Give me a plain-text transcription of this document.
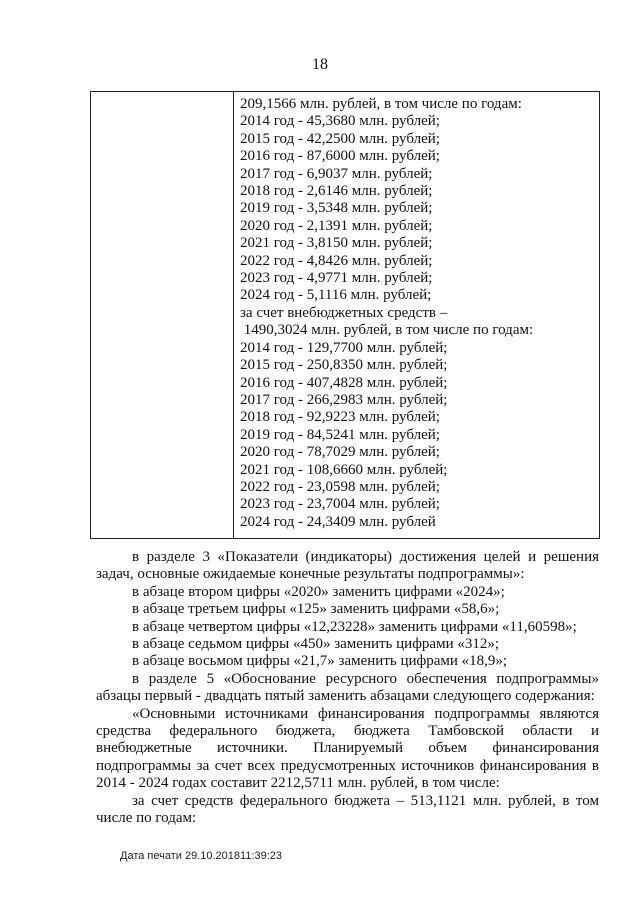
18
209,1566 млн. рублей, в том числе по годам:
2014 год - 45,3680 млн. рублей;
2015 год - 42,2500 млн. рублей;
2016 год - 87,6000 млн. рублей;
2017 год - 6,9037 млн. рублей;
2018 год - 2,6146 млн. рублей;
2019 год - 3,5348 млн. рублей;
2020 год - 2,1391 млн. рублей;
2021 год - 3,8150 млн. рублей;
2022 год - 4,8426 млн. рублей;
2023 год - 4,9771 млн. рублей;
2024 год - 5,1116 млн. рублей;
за счет внебюджетных средств –
1490,3024 млн. рублей, в том числе по годам:
2014 год - 129,7700 млн. рублей;
2015 год - 250,8350 млн. рублей;
2016 год - 407,4828 млн. рублей;
2017 год - 266,2983 млн. рублей;
2018 год - 92,9223 млн. рублей;
2019 год - 84,5241 млн. рублей;
2020 год - 78,7029 млн. рублей;
2021 год - 108,6660 млн. рублей;
2022 год - 23,0598 млн. рублей;
2023 год - 23,7004 млн. рублей;
2024 год - 24,3409 млн. рублей
в разделе 3 «Показатели (индикаторы) достижения целей и решения
задач, основные ожидаемые конечные результаты подпрограммы»:
в абзаце втором цифры «2020» заменить цифрами «2024»;
в абзаце третьем цифры «125» заменить цифрами «58,6»;
в абзаце четвертом цифры «12,23228» заменить цифрами «11,60598»;
в абзаце седьмом цифры «450» заменить цифрами «312»;
в абзаце восьмом цифры «21,7» заменить цифрами «18,9»;
в разделе 5 «Обоснование ресурсного обеспечения подпрограммы»
абзацы первый - двадцать пятый заменить абзацами следующего содержания:
«Основными источниками финансирования подпрограммы являются
средства федерального бюджета, бюджета Тамбовской области и
внебюджетные источники. Планируемый объем финансирования
подпрограммы за счет всех предусмотренных источников финансирования в
2014 - 2024 годах составит 2212,5711 млн. рублей, в том числе:
за счет средств федерального бюджета – 513,1121 млн. рублей, в том
числе по годам:
Дата печати 29.10.201811:39:23
